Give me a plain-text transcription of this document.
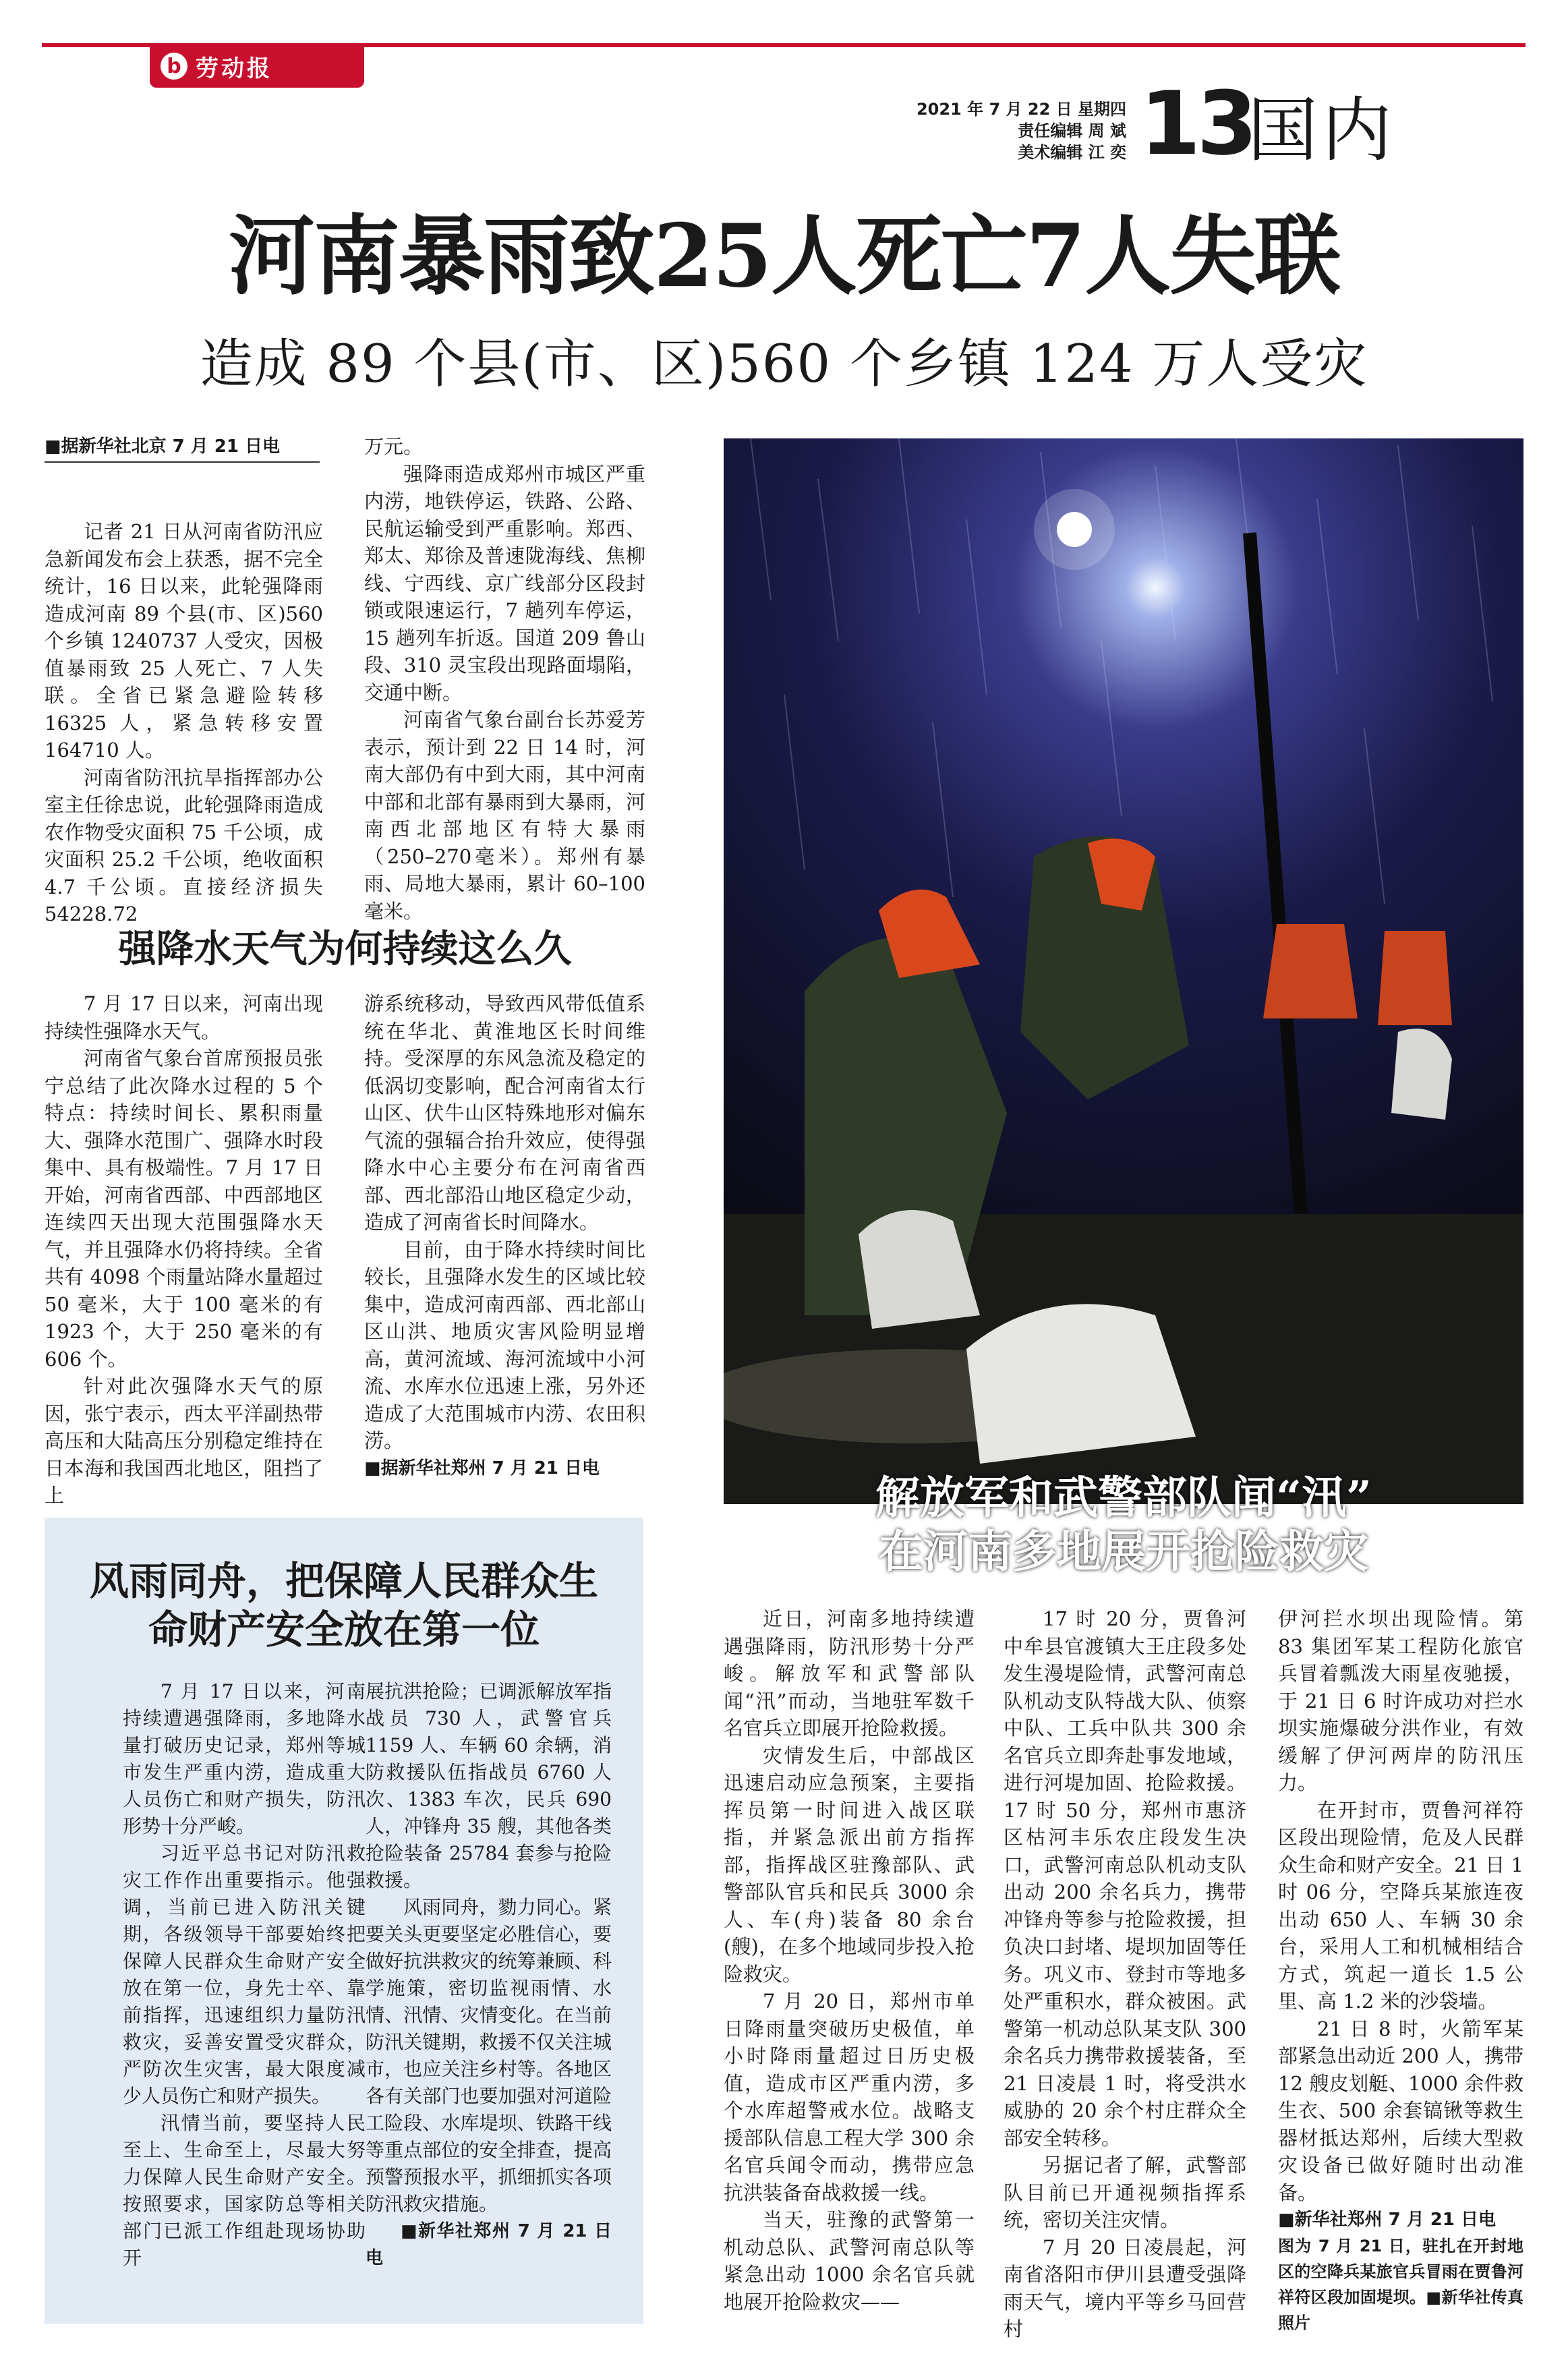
b 劳动报
2021 年 7 月 22 日 星期四
责任编辑 周 斌
美术编辑 江 奕 13
国内
河南暴雨致25人死亡7人失联
造成 89 个县(市、区)560 个乡镇 124 万人受灾
■据新华社北京 7 月 21 日电

记者 21 日从河南省防汛应急新闻发布会上获悉，据不完全统计，16 日以来，此轮强降雨造成河南 89 个县(市、区)560 个乡镇 1240737 人受灾，因极值暴雨致 25 人死亡、7 人失联。全省已紧急避险转移 16325 人，紧急转移安置 164710 人。

河南省防汛抗旱指挥部办公室主任徐忠说，此轮强降雨造成农作物受灾面积 75 千公顷，成灾面积 25.2 千公顷，绝收面积 4.7 千公顷。直接经济损失 54228.72

万元。

强降雨造成郑州市城区严重内涝，地铁停运，铁路、公路、民航运输受到严重影响。郑西、郑太、郑徐及普速陇海线、焦柳线、宁西线、京广线部分区段封锁或限速运行，7 趟列车停运，15 趟列车折返。国道 209 鲁山段、310 灵宝段出现路面塌陷，交通中断。

河南省气象台副台长苏爱芳表示，预计到 22 日 14 时，河南大部仍有中到大雨，其中河南中部和北部有暴雨到大暴雨，河南西北部地区有特大暴雨（250–270毫米）。郑州有暴雨、局地大暴雨，累计 60–100 毫米。

强降水天气为何持续这么久

7 月 17 日以来，河南出现持续性强降水天气。

河南省气象台首席预报员张宁总结了此次降水过程的 5 个特点：持续时间长、累积雨量大、强降水范围广、强降水时段集中、具有极端性。7 月 17 日开始，河南省西部、中西部地区连续四天出现大范围强降水天气，并且强降水仍将持续。全省共有 4098 个雨量站降水量超过 50 毫米，大于 100 毫米的有 1923 个，大于 250 毫米的有 606 个。

针对此次强降水天气的原因，张宁表示，西太平洋副热带高压和大陆高压分别稳定维持在日本海和我国西北地区，阻挡了上

游系统移动，导致西风带低值系统在华北、黄淮地区长时间维持。受深厚的东风急流及稳定的低涡切变影响，配合河南省太行山区、伏牛山区特殊地形对偏东气流的强辐合抬升效应，使得强降水中心主要分布在河南省西部、西北部沿山地区稳定少动，造成了河南省长时间降水。

目前，由于降水持续时间比较长，且强降水发生的区域比较集中，造成河南西部、西北部山区山洪、地质灾害风险明显增高，黄河流域、海河流域中小河流、水库水位迅速上涨，另外还造成了大范围城市内涝、农田积涝。

■据新华社郑州 7 月 21 日电

解放军和武警部队闻“汛”
在河南多地展开抢险救灾
风雨同舟，把保障人民群众生
命财产安全放在第一位

7 月 17 日以来，河南持续遭遇强降雨，多地降水量打破历史记录，郑州等城市发生严重内涝，造成重大人员伤亡和财产损失，防汛形势十分严峻。

习近平总书记对防汛救灾工作作出重要指示。他强调，当前已进入防汛关键期，各级领导干部要始终把保障人民群众生命财产安全放在第一位，身先士卒、靠前指挥，迅速组织力量防汛救灾，妥善安置受灾群众，严防次生灾害，最大限度减少人员伤亡和财产损失。

汛情当前，要坚持人民至上、生命至上，尽最大努力保障人民生命财产安全。按照要求，国家防总等相关部门已派工作组赴现场协助开

展抗洪抢险；已调派解放军指战员 730 人，武警官兵 1159 人、车辆 60 余辆，消防救援队伍指战员 6760 人次、1383 车次，民兵 690 人，冲锋舟 35 艘，其他各类抢险装备 25784 套参与抢险救援。

风雨同舟，勠力同心。紧要关头更要坚定必胜信心，要做好抗洪救灾的统筹兼顾、科学施策，密切监视雨情、水情、汛情、灾情变化。在当前防汛关键期，救援不仅关注城市，也应关注乡村等。各地区各有关部门也要加强对河道险工险段、水库堤坝、铁路干线等重点部位的安全排查，提高预警预报水平，抓细抓实各项防汛救灾措施。

■新华社郑州 7 月 21 日电

近日，河南多地持续遭遇强降雨，防汛形势十分严峻。解放军和武警部队闻“汛”而动，当地驻军数千名官兵立即展开抢险救援。

灾情发生后，中部战区迅速启动应急预案，主要指挥员第一时间进入战区联指，并紧急派出前方指挥部，指挥战区驻豫部队、武警部队官兵和民兵 3000 余人、车(舟)装备 80 余台(艘)，在多个地域同步投入抢险救灾。

7 月 20 日，郑州市单日降雨量突破历史极值，单小时降雨量超过日历史极值，造成市区严重内涝，多个水库超警戒水位。战略支援部队信息工程大学 300 余名官兵闻令而动，携带应急抗洪装备奋战救援一线。

当天，驻豫的武警第一机动总队、武警河南总队等紧急出动 1000 余名官兵就地展开抢险救灾——

17 时 20 分，贾鲁河中牟县官渡镇大王庄段多处发生漫堤险情，武警河南总队机动支队特战大队、侦察中队、工兵中队共 300 余名官兵立即奔赴事发地域，进行河堤加固、抢险救援。17 时 50 分，郑州市惠济区枯河丰乐农庄段发生决口，武警河南总队机动支队出动 200 余名兵力，携带冲锋舟等参与抢险救援，担负决口封堵、堤坝加固等任务。巩义市、登封市等地多处严重积水，群众被困。武警第一机动总队某支队 300 余名兵力携带救援装备，至 21 日凌晨 1 时，将受洪水威胁的 20 余个村庄群众全部安全转移。

另据记者了解，武警部队目前已开通视频指挥系统，密切关注灾情。

7 月 20 日凌晨起，河南省洛阳市伊川县遭受强降雨天气，境内平等乡马回营村

伊河拦水坝出现险情。第 83 集团军某工程防化旅官兵冒着瓢泼大雨星夜驰援，于 21 日 6 时许成功对拦水坝实施爆破分洪作业，有效缓解了伊河两岸的防汛压力。

在开封市，贾鲁河祥符区段出现险情，危及人民群众生命和财产安全。21 日 1 时 06 分，空降兵某旅连夜出动 650 人、车辆 30 余台，采用人工和机械相结合方式，筑起一道长 1.5 公里、高 1.2 米的沙袋墙。

21 日 8 时，火箭军某部紧急出动近 200 人，携带 12 艘皮划艇、1000 余件救生衣、500 余套镐锹等救生器材抵达郑州，后续大型救灾设备已做好随时出动准备。

■新华社郑州 7 月 21 日电

图为 7 月 21 日，驻扎在开封地区的空降兵某旅官兵冒雨在贾鲁河祥符区段加固堤坝。■新华社传真照片
